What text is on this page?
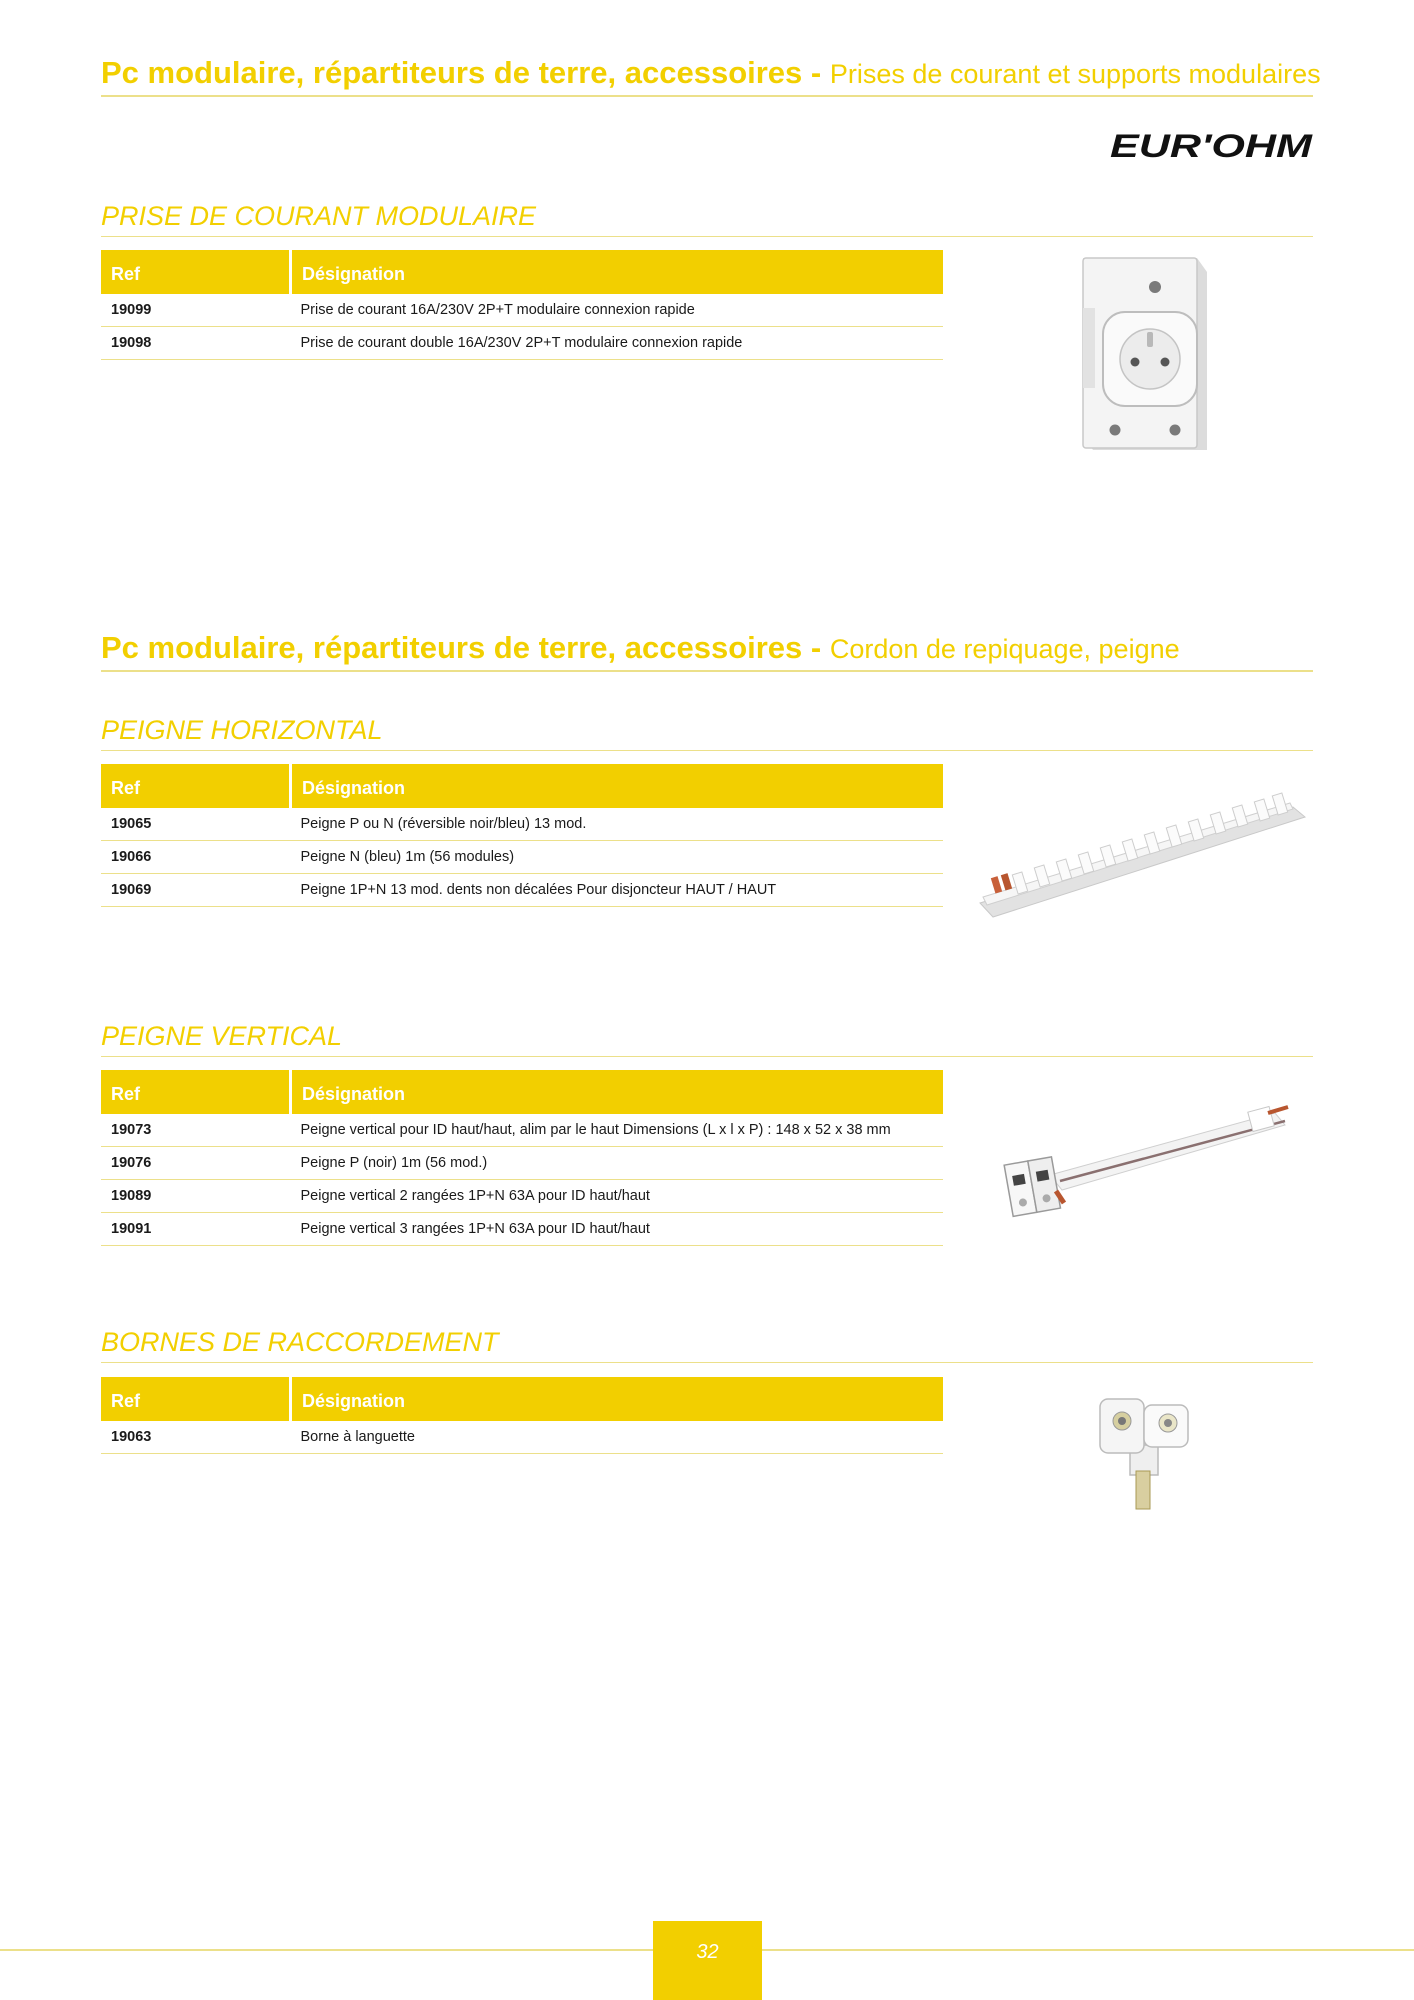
Pc modulaire, répartiteurs de terre, accessoires - Prises de courant et supports modulaires
EUR'OHM
PRISE DE COURANT MODULAIRE
Ref	Désignation
19099	Prise de courant 16A/230V 2P+T modulaire connexion rapide
19098	Prise de courant double 16A/230V 2P+T modulaire connexion rapide
Pc modulaire, répartiteurs de terre, accessoires - Cordon de repiquage, peigne
PEIGNE HORIZONTAL
Ref	Désignation
19065	Peigne P ou N (réversible noir/bleu) 13 mod.
19066	Peigne N (bleu) 1m (56 modules)
19069	Peigne 1P+N 13 mod. dents non décalées Pour disjoncteur HAUT / HAUT
PEIGNE VERTICAL
Ref	Désignation
19073	Peigne vertical pour ID haut/haut, alim par le haut Dimensions (L x l x P) : 148 x 52 x 38 mm
19076	Peigne P (noir) 1m (56 mod.)
19089	Peigne vertical 2 rangées 1P+N 63A pour ID haut/haut
19091	Peigne vertical 3 rangées 1P+N 63A pour ID haut/haut
BORNES DE RACCORDEMENT
Ref	Désignation
19063	Borne à languette
32
